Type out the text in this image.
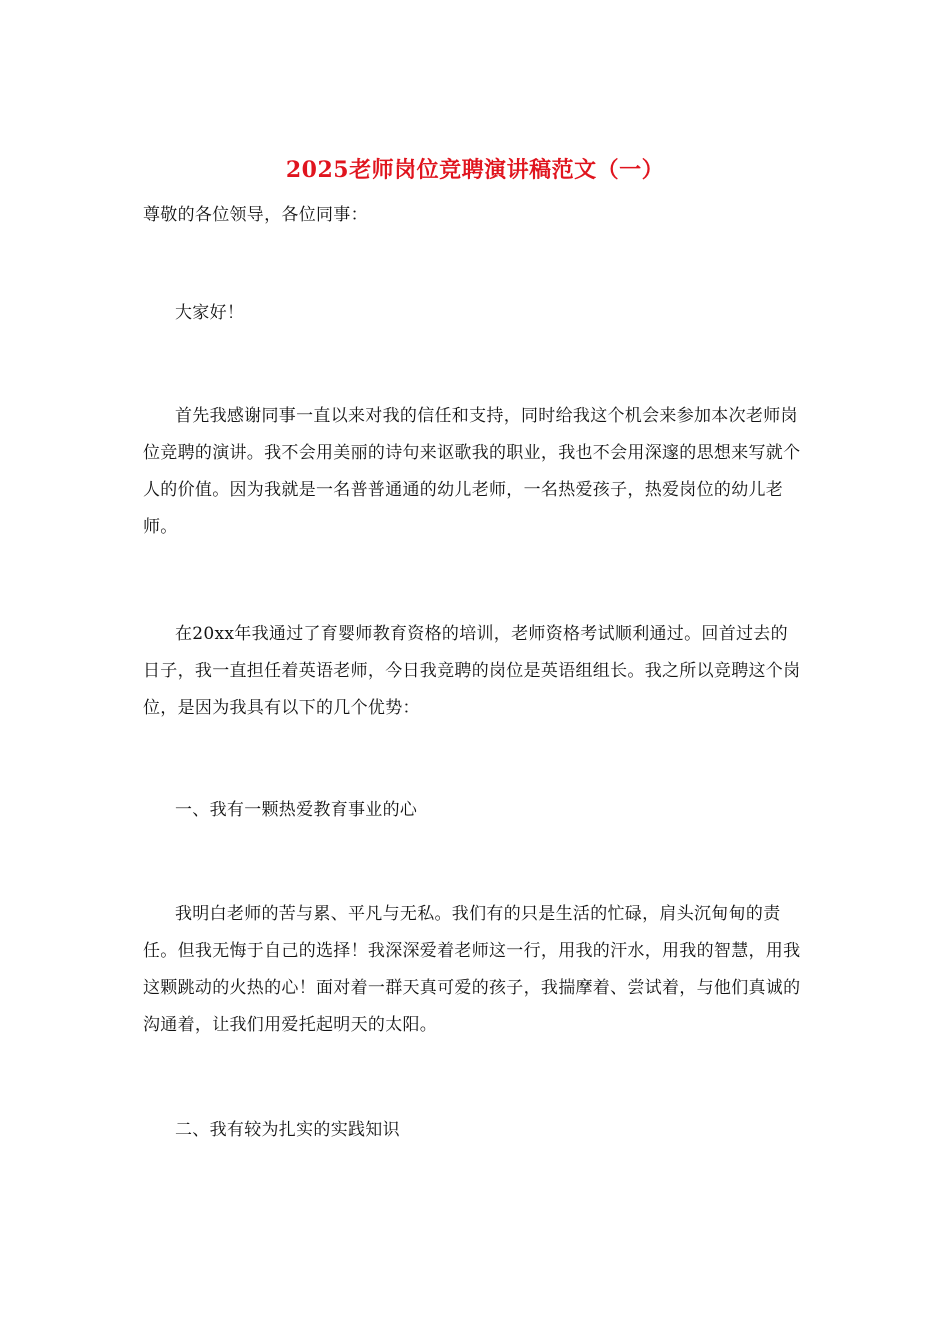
2025老师岗位竞聘演讲稿范文（一）

尊敬的各位领导，各位同事：

大家好！

首先我感谢同事一直以来对我的信任和支持，同时给我这个机会来参加本次老师岗位竞聘的演讲。我不会用美丽的诗句来讴歌我的职业，我也不会用深邃的思想来写就个人的价值。因为我就是一名普普通通的幼儿老师，一名热爱孩子，热爱岗位的幼儿老师。

在20xx年我通过了育婴师教育资格的培训，老师资格考试顺利通过。回首过去的日子，我一直担任着英语老师，今日我竞聘的岗位是英语组组长。我之所以竞聘这个岗位，是因为我具有以下的几个优势：

一、我有一颗热爱教育事业的心

我明白老师的苦与累、平凡与无私。我们有的只是生活的忙碌，肩头沉甸甸的责任。但我无悔于自己的选择！我深深爱着老师这一行，用我的汗水，用我的智慧，用我这颗跳动的火热的心！面对着一群天真可爱的孩子，我揣摩着、尝试着，与他们真诚的沟通着，让我们用爱托起明天的太阳。

二、我有较为扎实的实践知识
